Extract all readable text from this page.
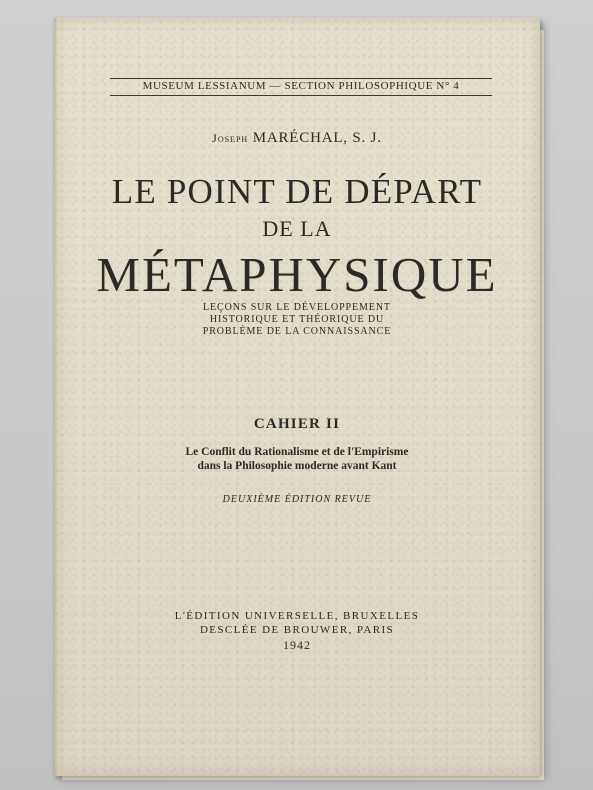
MUSEUM LESSIANUM — SECTION PHILOSOPHIQUE N° 4
Joseph MARÉCHAL, S. J.
LE POINT DE DÉPART
DE LA
MÉTAPHYSIQUE
LEÇONS SUR LE DÉVELOPPEMENT
HISTORIQUE ET THÉORIQUE DU
PROBLÈME DE LA CONNAISSANCE
CAHIER II
Le Conflit du Rationalisme et de l'Empirisme
dans la Philosophie moderne avant Kant
DEUXIÈME ÉDITION REVUE
L'ÉDITION UNIVERSELLE, BRUXELLES
DESCLÉE DE BROUWER, PARIS
1942
